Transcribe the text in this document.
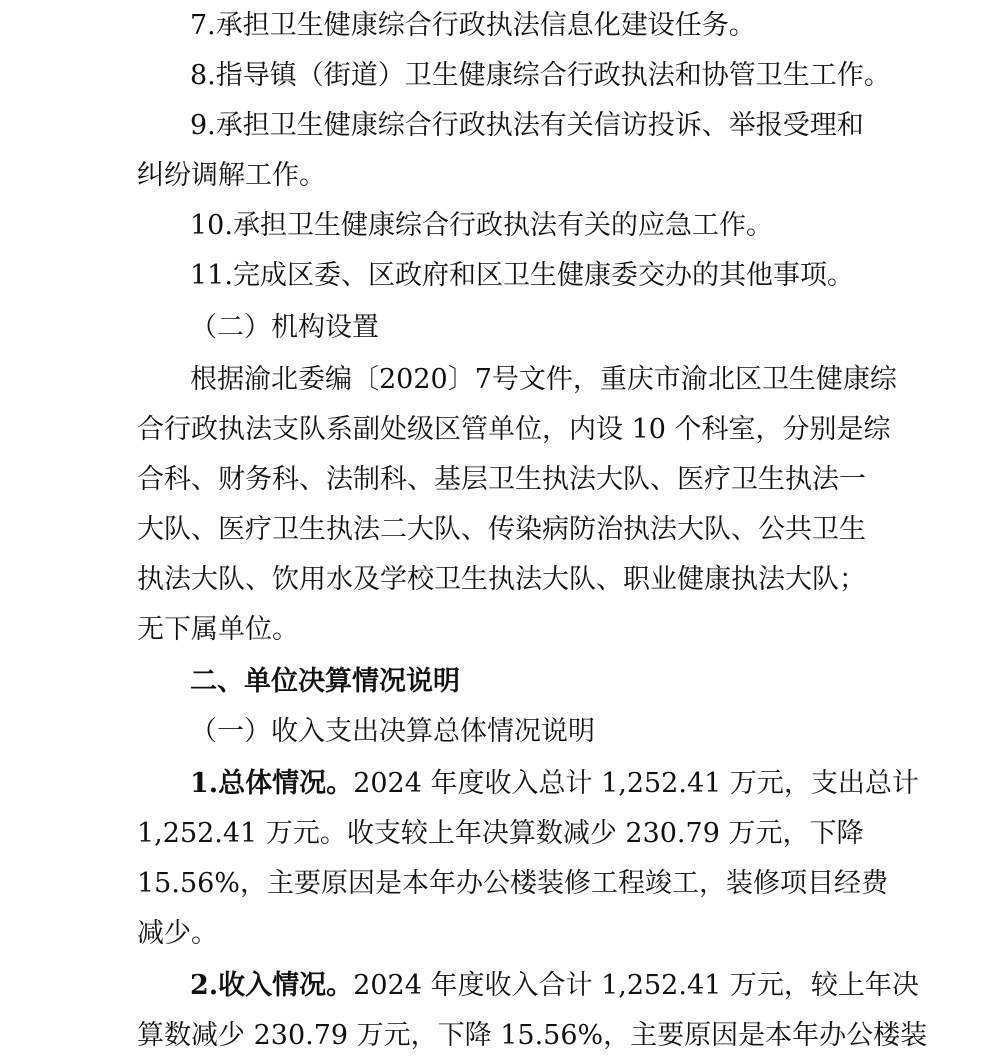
7.承担卫生健康综合行政执法信息化建设任务。
8.指导镇（街道）卫生健康综合行政执法和协管卫生工作。
9.承担卫生健康综合行政执法有关信访投诉、举报受理和
纠纷调解工作。
10.承担卫生健康综合行政执法有关的应急工作。
11.完成区委、区政府和区卫生健康委交办的其他事项。
（二）机构设置
根据渝北委编〔2020〕7号文件，重庆市渝北区卫生健康综
合行政执法支队系副处级区管单位，内设 10 个科室，分别是综
合科、财务科、法制科、基层卫生执法大队、医疗卫生执法一
大队、医疗卫生执法二大队、传染病防治执法大队、公共卫生
执法大队、饮用水及学校卫生执法大队、职业健康执法大队；
无下属单位。
二、单位决算情况说明
（一）收入支出决算总体情况说明
1.总体情况。2024 年度收入总计 1,252.41 万元，支出总计
1,252.41 万元。收支较上年决算数减少 230.79 万元，下降
15.56%，主要原因是本年办公楼装修工程竣工，装修项目经费
减少。
2.收入情况。2024 年度收入合计 1,252.41 万元，较上年决
算数减少 230.79 万元，下降 15.56%，主要原因是本年办公楼装
